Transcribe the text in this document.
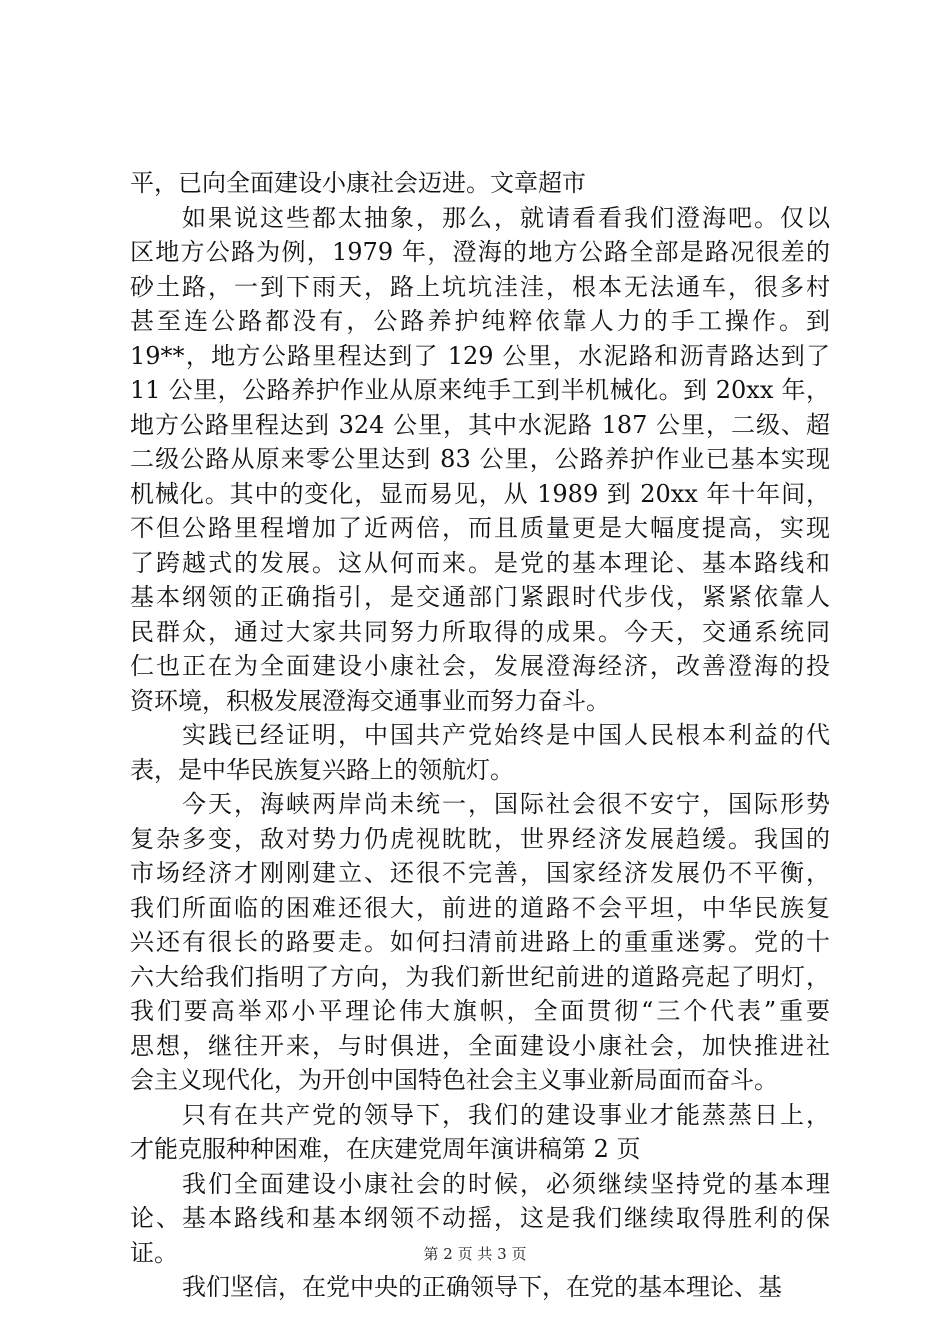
平，已向全面建设小康社会迈进。文章超市
如果说这些都太抽象，那么，就请看看我们澄海吧。仅以
区地方公路为例，1979 年，澄海的地方公路全部是路况很差的
砂土路，一到下雨天，路上坑坑洼洼，根本无法通车，很多村
甚至连公路都没有，公路养护纯粹依靠人力的手工操作。到
19**，地方公路里程达到了 129 公里，水泥路和沥青路达到了
11 公里，公路养护作业从原来纯手工到半机械化。到 20xx 年，
地方公路里程达到 324 公里，其中水泥路 187 公里，二级、超
二级公路从原来零公里达到 83 公里，公路养护作业已基本实现
机械化。其中的变化，显而易见，从 1989 到 20xx 年十年间，
不但公路里程增加了近两倍，而且质量更是大幅度提高，实现
了跨越式的发展。这从何而来。是党的基本理论、基本路线和
基本纲领的正确指引，是交通部门紧跟时代步伐，紧紧依靠人
民群众，通过大家共同努力所取得的成果。今天，交通系统同
仁也正在为全面建设小康社会，发展澄海经济，改善澄海的投
资环境，积极发展澄海交通事业而努力奋斗。
实践已经证明，中国共产党始终是中国人民根本利益的代
表，是中华民族复兴路上的领航灯。
今天，海峡两岸尚未统一，国际社会很不安宁，国际形势
复杂多变，敌对势力仍虎视眈眈，世界经济发展趋缓。我国的
市场经济才刚刚建立、还很不完善，国家经济发展仍不平衡，
我们所面临的困难还很大，前进的道路不会平坦，中华民族复
兴还有很长的路要走。如何扫清前进路上的重重迷雾。党的十
六大给我们指明了方向，为我们新世纪前进的道路亮起了明灯，
我们要高举邓小平理论伟大旗帜，全面贯彻“三个代表”重要
思想，继往开来，与时俱进，全面建设小康社会，加快推进社
会主义现代化，为开创中国特色社会主义事业新局面而奋斗。
只有在共产党的领导下，我们的建设事业才能蒸蒸日上，
才能克服种种困难，在庆建党周年演讲稿第 2 页
我们全面建设小康社会的时候，必须继续坚持党的基本理
论、基本路线和基本纲领不动摇，这是我们继续取得胜利的保
证。
我们坚信，在党中央的正确领导下，在党的基本理论、基
第 2 页 共 3 页
